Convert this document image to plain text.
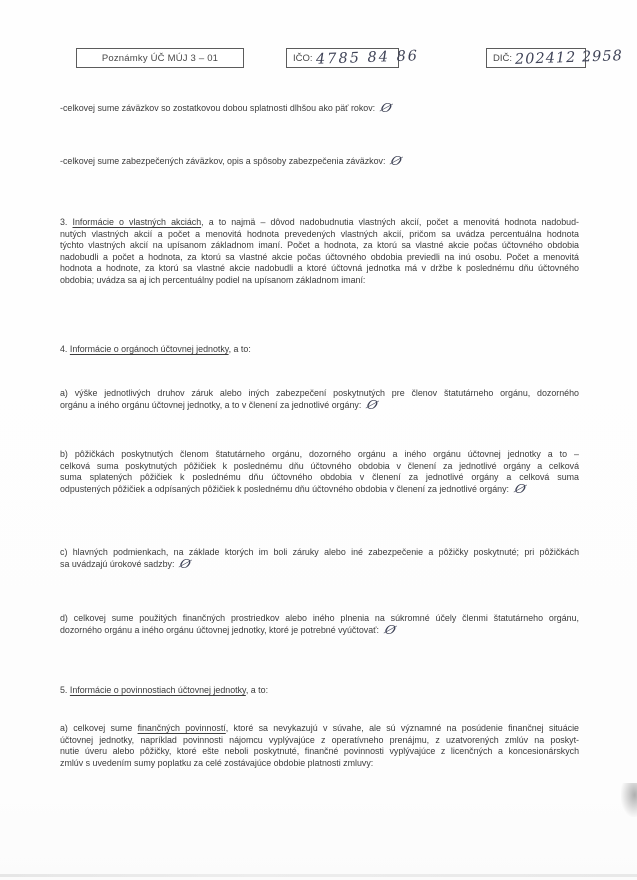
Poznámky ÚČ MÚJ 3 – 01	IČO: 4785 84 86	DIČ: 202412 2958
-celkovej sume záväzkov so zostatkovou dobou splatnosti dlhšou ako päť rokov: Ø
-celkovej sume zabezpečených záväzkov, opis a spôsoby zabezpečenia záväzkov: Ø
3. Informácie o vlastných akciách, a to najmä – dôvod nadobudnutia vlastných akcií, počet a menovitá hodnota nadobud-
nutých vlastných akcií a počet a menovitá hodnota prevedených vlastných akcií, pričom sa uvádza percentuálna hodnota
týchto vlastných akcií na upísanom základnom imaní. Počet a hodnota, za ktorú sa vlastné akcie počas účtovného obdobia
nadobudli a počet a hodnota, za ktorú sa vlastné akcie počas účtovného obdobia previedli na inú osobu. Počet a menovitá
hodnota a hodnote, za ktorú sa vlastné akcie nadobudli a ktoré účtovná jednotka má v držbe k poslednému dňu účtovného
obdobia; uvádza sa aj ich percentuálny podiel na upísanom základnom imaní:
4. Informácie o orgánoch účtovnej jednotky, a to:
a) výške jednotlivých druhov záruk alebo iných zabezpečení poskytnutých pre členov štatutárneho orgánu, dozorného
orgánu a iného orgánu účtovnej jednotky, a to v členení za jednotlivé orgány: Ø
b) pôžičkách poskytnutých členom štatutárneho orgánu, dozorného orgánu a iného orgánu účtovnej jednotky a to –
celková suma poskytnutých pôžičiek k poslednému dňu účtovného obdobia v členení za jednotlivé orgány a celková
suma splatených pôžičiek k poslednému dňu účtovného obdobia v členení za jednotlivé orgány a celková suma
odpustených pôžičiek a odpísaných pôžičiek k poslednému dňu účtovného obdobia v členení za jednotlivé orgány: Ø
c) hlavných podmienkach, na základe ktorých im boli záruky alebo iné zabezpečenie a pôžičky poskytnuté; pri pôžičkách
sa uvádzajú úrokové sadzby: Ø
d) celkovej sume použitých finančných prostriedkov alebo iného plnenia na súkromné účely členmi štatutárneho orgánu,
dozorného orgánu a iného orgánu účtovnej jednotky, ktoré je potrebné vyúčtovať: Ø
5. Informácie o povinnostiach účtovnej jednotky, a to:
a) celkovej sume finančných povinností, ktoré sa nevykazujú v súvahe, ale sú významné na posúdenie finančnej situácie
účtovnej jednotky, napríklad povinnosti nájomcu vyplývajúce z operatívneho prenájmu, z uzatvorených zmlúv na poskyt-
nutie úveru alebo pôžičky, ktoré ešte neboli poskytnuté, finančné povinnosti vyplývajúce z licenčných a koncesionárskych
zmlúv s uvedením sumy poplatku za celé zostávajúce obdobie platnosti zmluvy:
